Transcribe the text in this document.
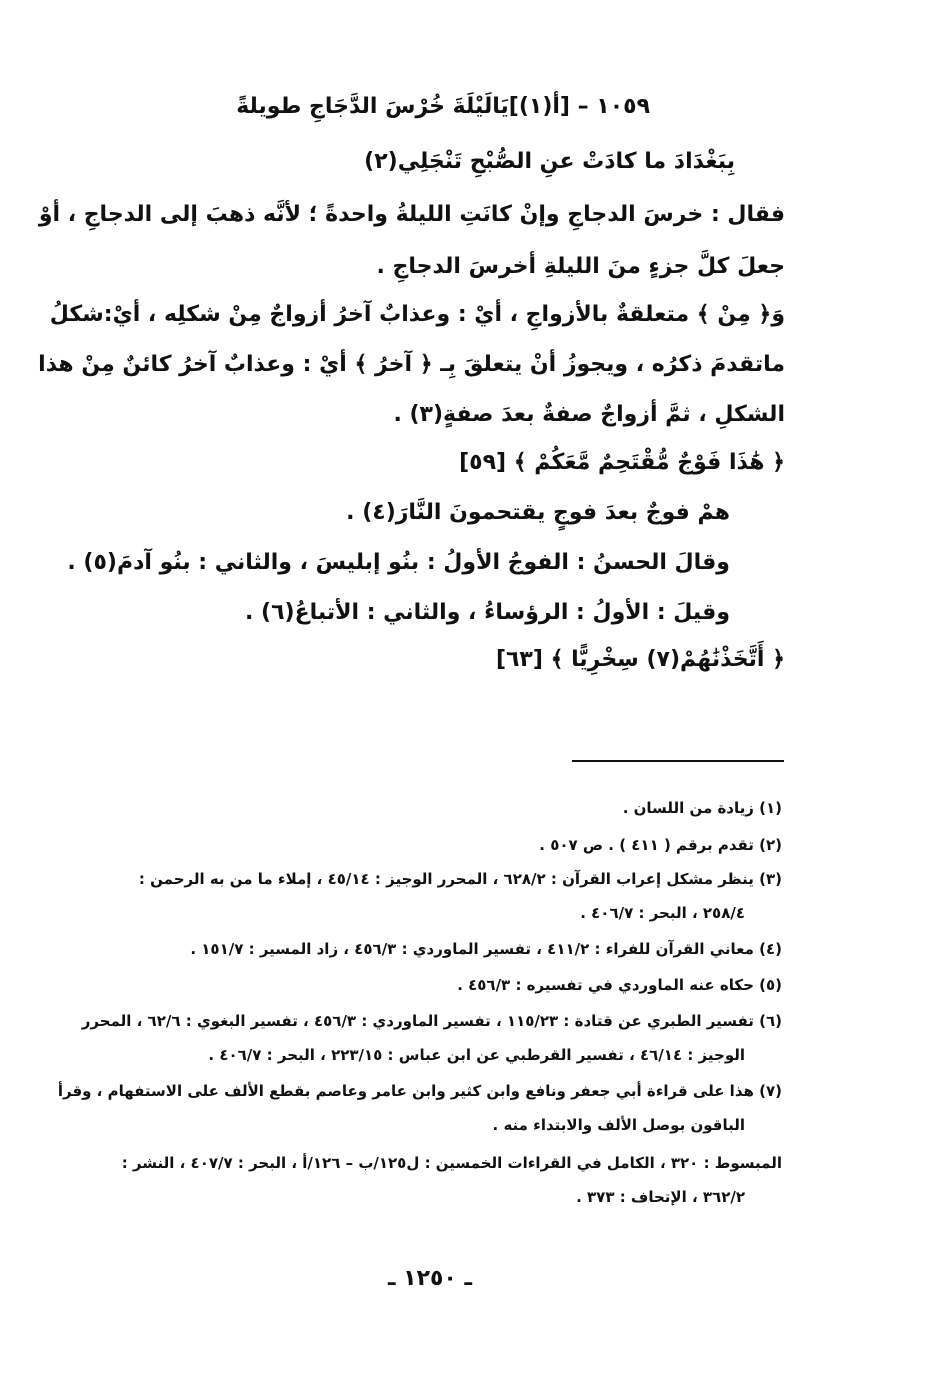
١٠٥٩ – [أ(١)]يَالَيْلَةَ خُرْسَ الدَّجَاجِ طويلةً
بِبَغْدَادَ ما كادَتْ عنِ الصُّبْحِ تَنْجَلِي(٢)
فقال : خرسَ الدجاجِ وإنْ كانَتِ الليلةُ واحدةً ؛ لأنَّه ذهبَ إلى الدجاجِ ، أوْ
جعلَ كلَّ جزءٍ منَ الليلةِ أخرسَ الدجاجِ .
وَ﴿ مِنْ ﴾ متعلقةٌ بالأزواجِ ، أيْ : وعذابٌ آخرُ أزواجٌ مِنْ شكلِه ، أيْ:شكلُ
ماتقدمَ ذكرُه ، ويجوزُ أنْ يتعلقَ بِـ ﴿ آخرُ ﴾ أيْ : وعذابٌ آخرُ كائنٌ مِنْ هذا
الشكلِ ، ثمَّ أزواجٌ صفةٌ بعدَ صفةٍ(٣) .
﴿ هَٰذَا فَوْجٌ مُّقْتَحِمٌ مَّعَكُمْ ﴾ [٥٩]
همْ فوجٌ بعدَ فوجٍ يقتحمونَ النَّارَ(٤) .
وقالَ الحسنُ : الفوجُ الأولُ : بنُو إبليسَ ، والثاني : بنُو آدمَ(٥) .
وقيلَ : الأولُ : الرؤساءُ ، والثاني : الأتباعُ(٦) .
﴿ أَتَّخَذْنَٰهُمْ(٧) سِخْرِيًّا ﴾ [٦٣]
(١) زيادة من اللسان .
(٢) تقدم برقم ( ٤١١ ) . ص ٥٠٧ .
(٣) ينظر مشكل إعراب القرآن : ٦٢٨/٢ ، المحرر الوجيز : ٤٥/١٤ ، إملاء ما من به الرحمن :
٢٥٨/٤ ، البحر : ٤٠٦/٧ .
(٤) معاني القرآن للفراء : ٤١١/٢ ، تفسير الماوردي : ٤٥٦/٣ ، زاد المسير : ١٥١/٧ .
(٥) حكاه عنه الماوردي في تفسيره : ٤٥٦/٣ .
(٦) تفسير الطبري عن قتادة : ١١٥/٢٣ ، تفسير الماوردي : ٤٥٦/٣ ، تفسير البغوي : ٦٢/٦ ، المحرر
الوجيز : ٤٦/١٤ ، تفسير القرطبي عن ابن عباس : ٢٢٣/١٥ ، البحر : ٤٠٦/٧ .
(٧) هذا على قراءة أبي جعفر ونافع وابن كثير وابن عامر وعاصم بقطع الألف على الاستفهام ، وقرأ
الباقون بوصل الألف والابتداء منه .
المبسوط : ٣٢٠ ، الكامل في القراءات الخمسين : ل١٢٥/ب – ١٢٦/أ ، البحر : ٤٠٧/٧ ، النشر :
٣٦٢/٢ ، الإتحاف : ٣٧٣ .
ـ ١٢٥٠ ـ
